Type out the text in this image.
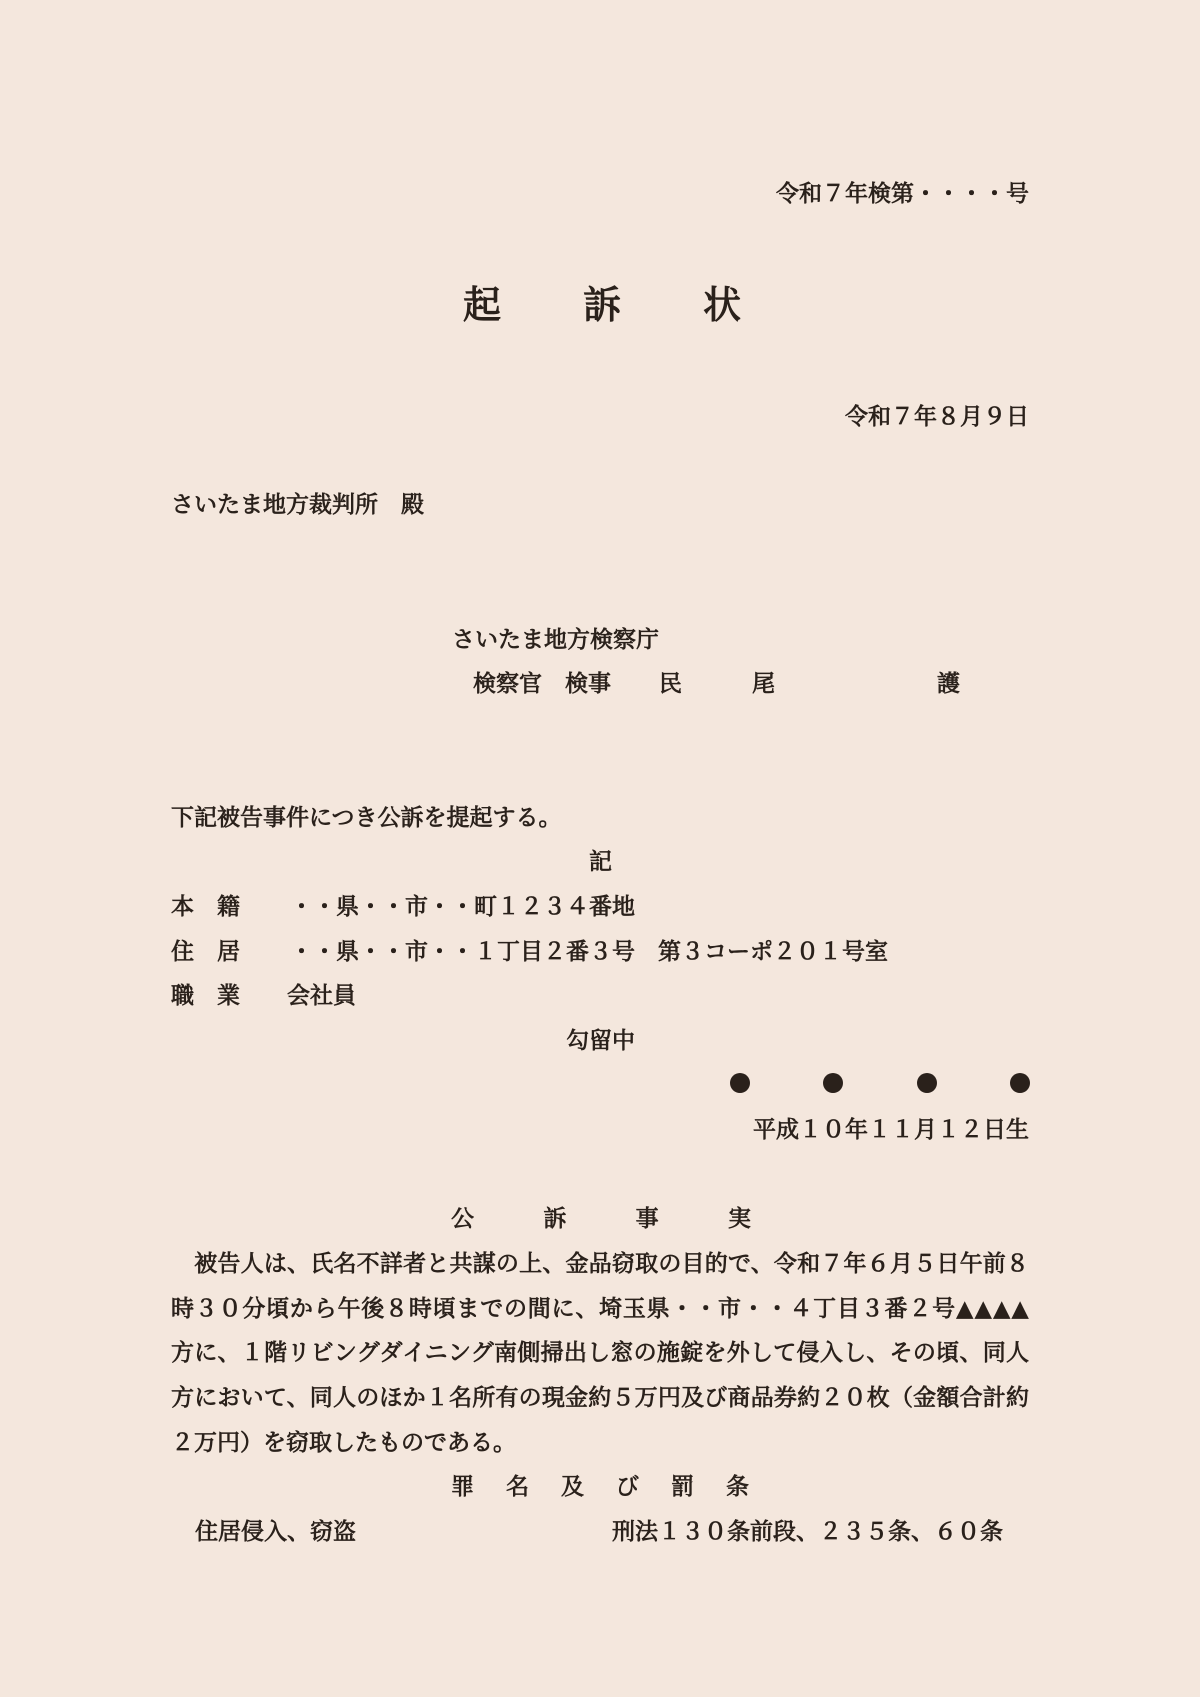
令和７年検第・・・・号
起 訴 状
令和７年８月９日
さいたま地方裁判所　殿
さいたま地方検察庁
検察官　検事 民	尾	護
下記被告事件につき公訴を提起する。
記
本　籍 ・・県・・市・・町１２３４番地
住　居 ・・県・・市・・１丁目２番３号　第３コーポ２０１号室
職　業 会社員
勾留中
平成１０年１１月１２日生
公	訴	事	実
　被告人は、氏名不詳者と共謀の上、金品窃取の目的で、令和７年６月５日午前８
時３０分頃から午後８時頃までの間に、埼玉県・・市・・４丁目３番２号▲▲▲▲
方に、１階リビングダイニング南側掃出し窓の施錠を外して侵入し、その頃、同人
方において、同人のほか１名所有の現金約５万円及び商品券約２０枚（金額合計約
２万円）を窃取したものである。
罪 名 及 び 罰 条
住居侵入、窃盗	刑法１３０条前段、２３５条、６０条
